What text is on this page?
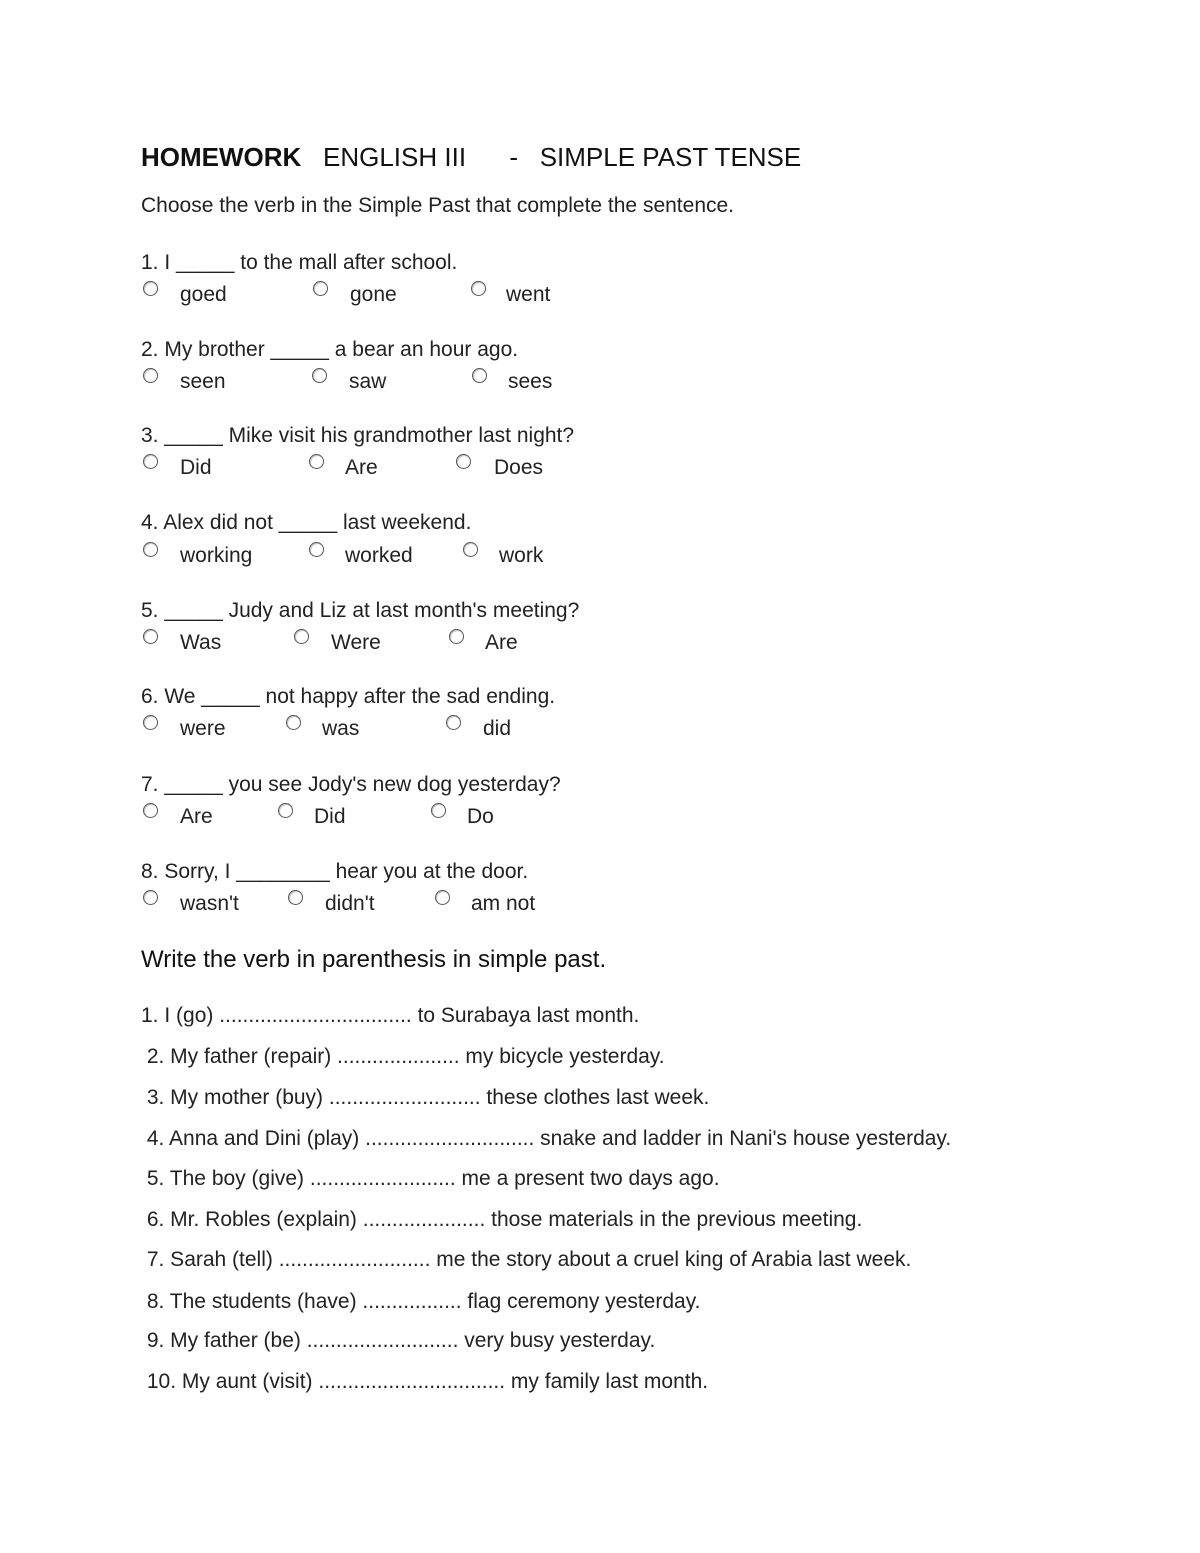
HOMEWORK ENGLISH III      -   SIMPLE PAST TENSE
Choose the verb in the Simple Past that complete the sentence.
1. I _____ to the mall after school.
goed	gone	went
2. My brother _____ a bear an hour ago.
seen	saw	sees
3. _____ Mike visit his grandmother last night?
Did	Are	Does
4. Alex did not _____ last weekend.
working	worked	work
5. _____ Judy and Liz at last month's meeting?
Was	Were	Are
6. We _____ not happy after the sad ending.
were	was	did
7. _____ you see Jody's new dog yesterday?
Are	Did	Do
8. Sorry, I ________ hear you at the door.
wasn't	didn't	am not
Write the verb in parenthesis in simple past.
1. I (go) ................................. to Surabaya last month.
2. My father (repair) ..................... my bicycle yesterday.
3. My mother (buy) .......................... these clothes last week.
4. Anna and Dini (play) ............................. snake and ladder in Nani's house yesterday.
5. The boy (give) ......................... me a present two days ago.
6. Mr. Robles (explain) ..................... those materials in the previous meeting.
7. Sarah (tell) .......................... me the story about a cruel king of Arabia last week.
8. The students (have) ................. flag ceremony yesterday.
9. My father (be) .......................... very busy yesterday.
10. My aunt (visit) ................................ my family last month.
